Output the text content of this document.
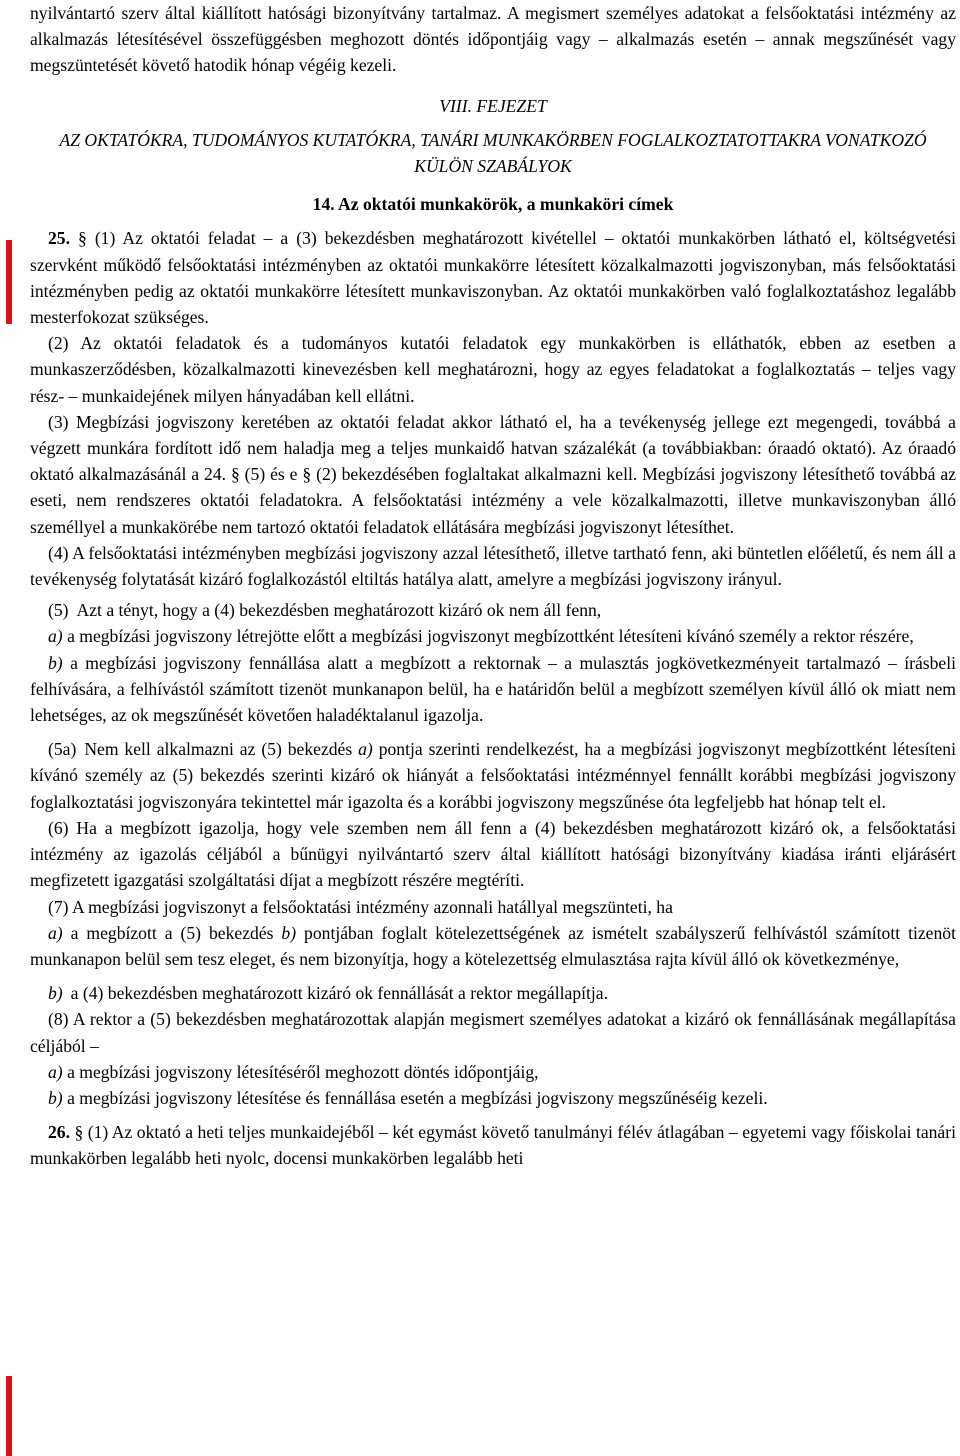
nyilvántartó szerv által kiállított hatósági bizonyítvány tartalmaz. A megismert személyes adatokat a felsőoktatási intézmény az alkalmazás létesítésével összefüggésben meghozott döntés időpontjáig vagy – alkalmazás esetén – annak megszűnését vagy megszüntetését követő hatodik hónap végéig kezeli.

VIII. FEJEZET

AZ OKTATÓKRA, TUDOMÁNYOS KUTATÓKRA, TANÁRI MUNKAKÖRBEN FOGLALKOZTATOTTAKRA VONATKOZÓ KÜLÖN SZABÁLYOK

14. Az oktatói munkakörök, a munkaköri címek

25. § (1) Az oktatói feladat – a (3) bekezdésben meghatározott kivétellel – oktatói munkakörben látható el, költségvetési szervként működő felsőoktatási intézményben az oktatói munkakörre létesített közalkalmazotti jogviszonyban, más felsőoktatási intézményben pedig az oktatói munkakörre létesített munkaviszonyban. Az oktatói munkakörben való foglalkoztatáshoz legalább mesterfokozat szükséges.

(2) Az oktatói feladatok és a tudományos kutatói feladatok egy munkakörben is elláthatók, ebben az esetben a munkaszerződésben, közalkalmazotti kinevezésben kell meghatározni, hogy az egyes feladatokat a foglalkoztatás – teljes vagy rész- – munkaidejének milyen hányadában kell ellátni.

(3) Megbízási jogviszony keretében az oktatói feladat akkor látható el, ha a tevékenység jellege ezt megengedi, továbbá a végzett munkára fordított idő nem haladja meg a teljes munkaidő hatvan százalékát (a továbbiakban: óraadó oktató). Az óraadó oktató alkalmazásánál a 24. § (5) és e § (2) bekezdésében foglaltakat alkalmazni kell. Megbízási jogviszony létesíthető továbbá az eseti, nem rendszeres oktatói feladatokra. A felsőoktatási intézmény a vele közalkalmazotti, illetve munkaviszonyban álló személlyel a munkakörébe nem tartozó oktatói feladatok ellátására megbízási jogviszonyt létesíthet.

(4) A felsőoktatási intézményben megbízási jogviszony azzal létesíthető, illetve tartható fenn, aki büntetlen előéletű, és nem áll a tevékenység folytatását kizáró foglalkozástól eltiltás hatálya alatt, amelyre a megbízási jogviszony irányul.

(5) Azt a tényt, hogy a (4) bekezdésben meghatározott kizáró ok nem áll fenn,

a) a megbízási jogviszony létrejötte előtt a megbízási jogviszonyt megbízottként létesíteni kívánó személy a rektor részére,

b) a megbízási jogviszony fennállása alatt a megbízott a rektornak – a mulasztás jogkövetkezményeit tartalmazó – írásbeli felhívására, a felhívástól számított tizenöt munkanapon belül, ha e határidőn belül a megbízott személyen kívül álló ok miatt nem lehetséges, az ok megszűnését követően haladéktalanul igazolja.

(5a) Nem kell alkalmazni az (5) bekezdés a) pontja szerinti rendelkezést, ha a megbízási jogviszonyt megbízottként létesíteni kívánó személy az (5) bekezdés szerinti kizáró ok hiányát a felsőoktatási intézménnyel fennállt korábbi megbízási jogviszony foglalkoztatási jogviszonyára tekintettel már igazolta és a korábbi jogviszony megszűnése óta legfeljebb hat hónap telt el.

(6) Ha a megbízott igazolja, hogy vele szemben nem áll fenn a (4) bekezdésben meghatározott kizáró ok, a felsőoktatási intézmény az igazolás céljából a bűnügyi nyilvántartó szerv által kiállított hatósági bizonyítvány kiadása iránti eljárásért megfizetett igazgatási szolgáltatási díjat a megbízott részére megtéríti.

(7) A megbízási jogviszonyt a felsőoktatási intézmény azonnali hatállyal megszünteti, ha

a) a megbízott a (5) bekezdés b) pontjában foglalt kötelezettségének az ismételt szabályszerű felhívástól számított tizenöt munkanapon belül sem tesz eleget, és nem bizonyítja, hogy a kötelezettség elmulasztása rajta kívül álló ok következménye,

b) a (4) bekezdésben meghatározott kizáró ok fennállását a rektor megállapítja.

(8) A rektor a (5) bekezdésben meghatározottak alapján megismert személyes adatokat a kizáró ok fennállásának megállapítása céljából –

a) a megbízási jogviszony létesítéséről meghozott döntés időpontjáig,

b) a megbízási jogviszony létesítése és fennállása esetén a megbízási jogviszony megszűnéséig kezeli.

26. § (1) Az oktató a heti teljes munkaidejéből – két egymást követő tanulmányi félév átlagában – egyetemi vagy főiskolai tanári munkakörben legalább heti nyolc, docensi munkakörben legalább heti
